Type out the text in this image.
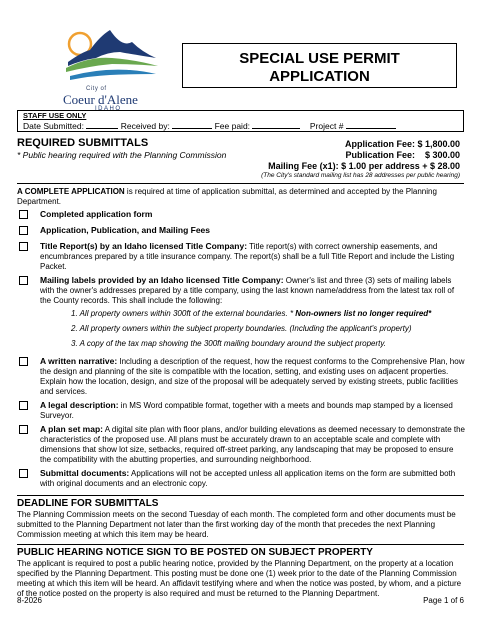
City of
Coeur d'Alene
IDAHO
SPECIAL USE PERMIT
APPLICATION
STAFF USE ONLY
Date Submitted:	Received by:	Fee paid:	Project #
REQUIRED SUBMITTALS
* Public hearing required with the Planning Commission
Application Fee: $ 1,800.00
Publication Fee:    $ 300.00
Mailing Fee (x1): $ 1.00 per address + $ 28.00
(The City's standard mailing list has 28 addresses per public hearing)
A COMPLETE APPLICATION is required at time of application submittal, as determined and accepted by the Planning Department.
Completed application form
Application, Publication, and Mailing Fees
Title Report(s) by an Idaho licensed Title Company: Title report(s) with correct ownership easements, and encumbrances prepared by a title insurance company. The report(s) shall be a full Title Report and include the Listing Packet.
Mailing labels provided by an Idaho licensed Title Company: Owner's list and three (3) sets of mailing labels with the owner's addresses prepared by a title company, using the last known name/address from the latest tax roll of the County records. This shall include the following:
1. All property owners within 300ft of the external boundaries. * Non-owners list no longer required*
2. All property owners within the subject property boundaries. (Including the applicant's property)
3. A copy of the tax map showing the 300ft mailing boundary around the subject property.
A written narrative: Including a description of the request, how the request conforms to the Comprehensive Plan, how the design and planning of the site is compatible with the location, setting, and existing uses on adjacent properties. Explain how the location, design, and size of the proposal will be adequately served by existing streets, public facilities and services.
A legal description: in MS Word compatible format, together with a meets and bounds map stamped by a licensed Surveyor.
A plan set map: A digital site plan with floor plans, and/or building elevations as deemed necessary to demonstrate the characteristics of the proposed use. All plans must be accurately drawn to an acceptable scale and complete with dimensions that show lot size, setbacks, required off-street parking, any landscaping that may be proposed to ensure the compatibility with the abutting properties, and surrounding neighborhood.
Submittal documents: Applications will not be accepted unless all application items on the form are submitted both with original documents and an electronic copy.
DEADLINE FOR SUBMITTALS
The Planning Commission meets on the second Tuesday of each month. The completed form and other documents must be submitted to the Planning Department not later than the first working day of the month that precedes the next Planning Commission meeting at which this item may be heard.
PUBLIC HEARING NOTICE SIGN TO BE POSTED ON SUBJECT PROPERTY
The applicant is required to post a public hearing notice, provided by the Planning Department, on the property at a location specified by the Planning Department. This posting must be done one (1) week prior to the date of the Planning Commission meeting at which this item will be heard. An affidavit testifying where and when the notice was posted, by whom, and a picture of the notice posted on the property is also required and must be returned to the Planning Department.
8-2026	Page 1 of 6
